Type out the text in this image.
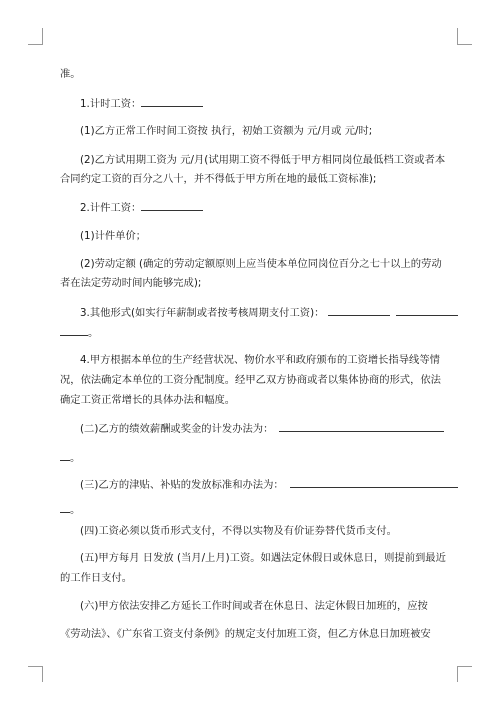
准。
1.计时工资：
(1)乙方正常工作时间工资按 执行，初始工资额为 元/月或 元/时;
(2)乙方试用期工资为 元/月(试用期工资不得低于甲方相同岗位最低档工资或者本
合同约定工资的百分之八十，并不得低于甲方所在地的最低工资标准);
2.计件工资：
(1)计件单价；
(2)劳动定额 (确定的劳动定额原则上应当使本单位同岗位百分之七十以上的劳动
者在法定劳动时间内能够完成);
3.其他形式(如实行年薪制或者按考核周期支付工资)：
。
4.甲方根据本单位的生产经营状况、物价水平和政府颁布的工资增长指导线等情
况，依法确定本单位的工资分配制度。经甲乙双方协商或者以集体协商的形式，依法
确定工资正常增长的具体办法和幅度。
(二)乙方的绩效薪酬或奖金的计发办法为：
。
(三)乙方的津贴、补贴的发放标准和办法为：
。
(四)工资必须以货币形式支付，不得以实物及有价证券替代货币支付。
(五)甲方每月 日发放 (当月/上月)工资。如遇法定休假日或休息日，则提前到最近
的工作日支付。
(六)甲方依法安排乙方延长工作时间或者在休息日、法定休假日加班的，应按
《劳动法》、《广东省工资支付条例》的规定支付加班工资，但乙方休息日加班被安
